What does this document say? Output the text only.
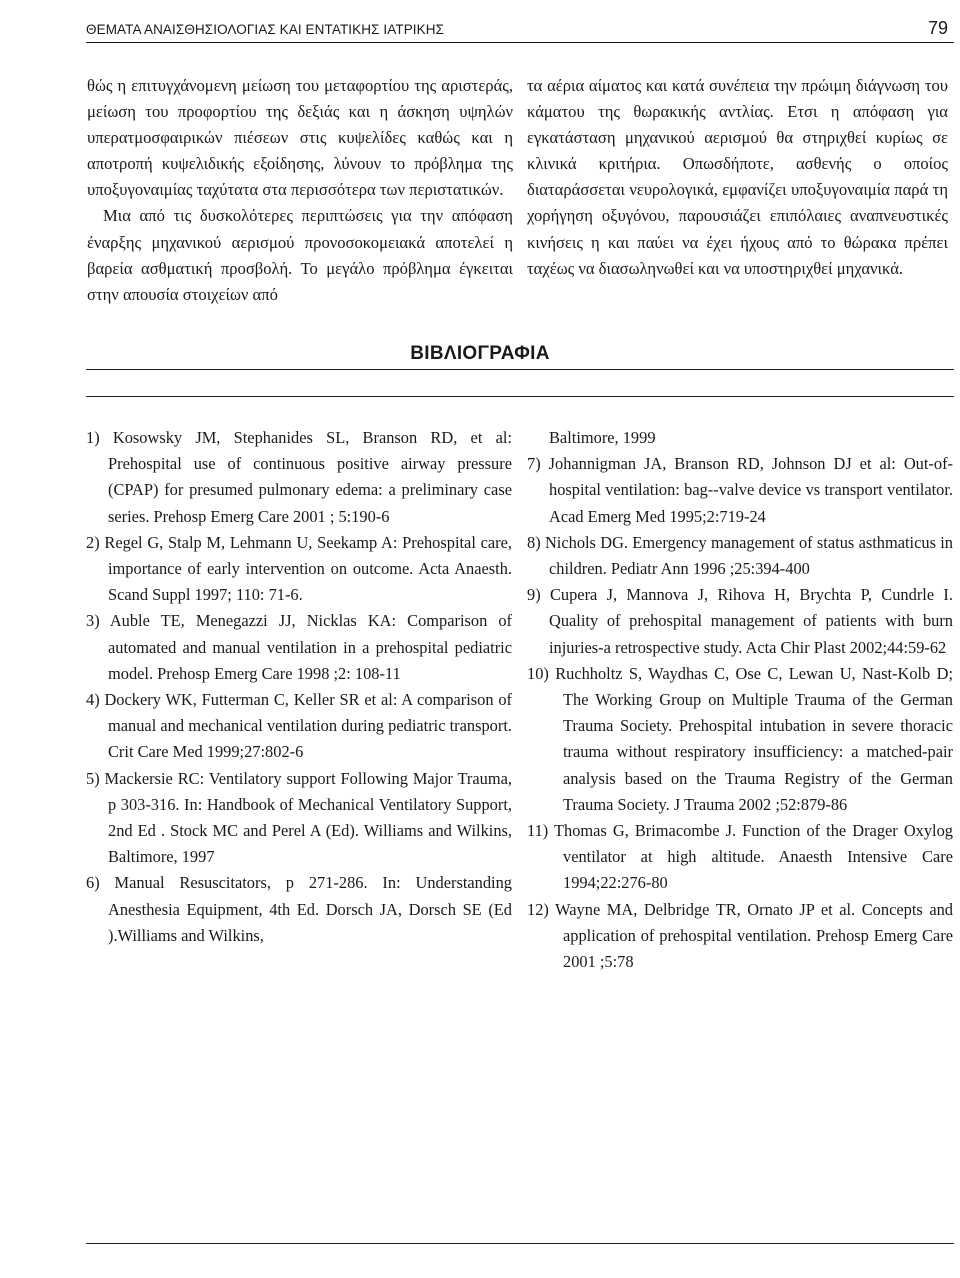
ΘΕΜΑΤΑ ΑΝΑΙΣΘΗΣΙΟΛΟΓΙΑΣ ΚΑΙ ΕΝΤΑΤΙΚΗΣ ΙΑΤΡΙΚΗΣ	79

θώς η επιτυγχάνομενη μείωση του μεταφορτίου της αριστεράς, μείωση του προφορτίου της δεξιάς και η άσκηση υψηλών υπερατμοσφαιρικών πιέσεων στις κυψελίδες καθώς και η αποτροπή κυψελιδικής εξοίδησης, λύνουν το πρόβλημα της υποξυγοναιμίας ταχύτατα στα περισσότερα των περιστατικών.

Μια από τις δυσκολότερες περιπτώσεις για την απόφαση έναρξης μηχανικού αερισμού προνοσοκομειακά αποτελεί η βαρεία ασθματική προσβολή. Το μεγάλο πρόβλημα έγκειται στην απουσία στοιχείων από

τα αέρια αίματος και κατά συνέπεια την πρώιμη διάγνωση του κάματου της θωρακικής αντλίας. Ετσι η απόφαση για εγκατάσταση μηχανικού αερισμού θα στηριχθεί κυρίως σε κλινικά κριτήρια. Οπωσδήποτε, ασθενής ο οποίος διαταράσσεται νευρολογικά, εμφανίζει υποξυγοναιμία παρά τη χορήγηση οξυγόνου, παρουσιάζει επιπόλαιες αναπνευστικές κινήσεις η και παύει να έχει ήχους από το θώρακα πρέπει ταχέως να διασωληνωθεί και να υποστηριχθεί μηχανικά.

ΒΙΒΛΙΟΓΡΑΦΙΑ
1) Kosowsky JM, Stephanides SL, Branson RD, et al: Prehospital use of continuous positive airway pressure (CPAP) for presumed pulmonary edema: a preliminary case series. Prehosp Emerg Care 2001 ; 5:190-6
2) Regel G, Stalp M, Lehmann U, Seekamp A: Prehospital care, importance of early intervention on outcome. Acta Anaesth. Scand Suppl 1997; 110: 71-6.
3) Auble TE, Menegazzi JJ, Nicklas KA: Comparison of automated and manual ventilation in a prehospital pediatric model. Prehosp Emerg Care 1998 ;2: 108-11
4) Dockery WK, Futterman C, Keller SR et al: A comparison of manual and mechanical ventilation during pediatric transport. Crit Care Med 1999;27:802-6
5) Mackersie RC: Ventilatory support Following Major Trauma, p 303-316. In: Handbook of Mechanical Ventilatory Support, 2nd Ed . Stock MC and Perel A (Ed). Williams and Wilkins, Baltimore, 1997
6) Manual Resuscitators, p 271-286. In: Understanding Anesthesia Equipment, 4th Ed. Dorsch JA, Dorsch SE (Ed ).Williams and Wilkins,
Baltimore, 1999
7) Johannigman JA, Branson RD, Johnson DJ et al: Out-of-hospital ventilation: bag--valve device vs transport ventilator. Acad Emerg Med 1995;2:719-24
8) Nichols DG. Emergency management of status asthmaticus in children. Pediatr Ann 1996 ;25:394-400
9) Cupera J, Mannova J, Rihova H, Brychta P, Cundrle I. Quality of prehospital management of patients with burn injuries-a retrospective study. Acta Chir Plast 2002;44:59-62
10) Ruchholtz S, Waydhas C, Ose C, Lewan U, Nast-Kolb D; The Working Group on Multiple Trauma of the German Trauma Society. Prehospital intubation in severe thoracic trauma without respiratory insufficiency: a matched-pair analysis based on the Trauma Registry of the German Trauma Society. J Trauma 2002 ;52:879-86
11) Thomas G, Brimacombe J. Function of the Drager Oxylog ventilator at high altitude. Anaesth Intensive Care 1994;22:276-80
12) Wayne MA, Delbridge TR, Ornato JP et al. Concepts and application of prehospital ventilation. Prehosp Emerg Care 2001 ;5:78
